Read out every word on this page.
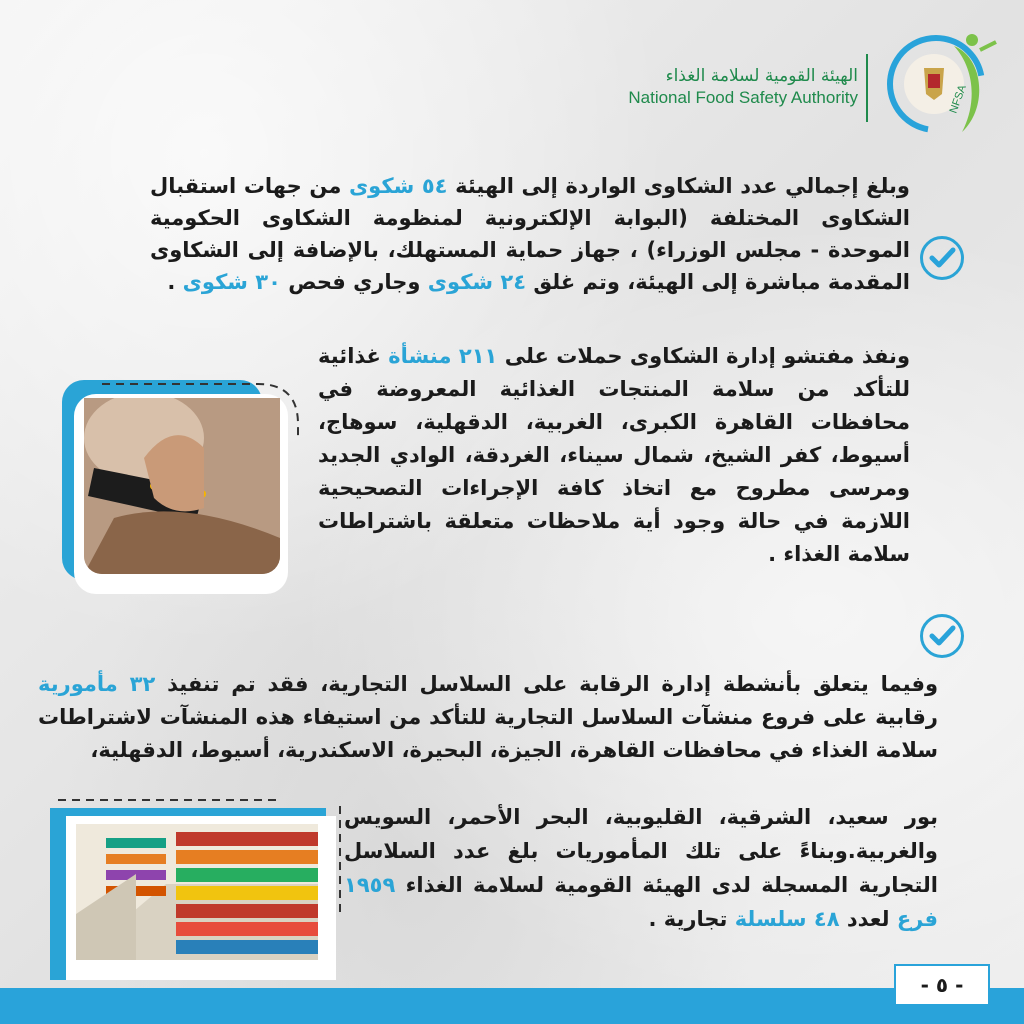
NFSA
الهيئة القومية لسلامة الغذاء
National Food Safety Authority
وبلغ إجمالي عدد الشكاوى الواردة إلى الهيئة ٥٤ شكوى من جهات استقبال الشكاوى المختلفة (البوابة الإلكترونية لمنظومة الشكاوى الحكومية الموحدة - مجلس الوزراء) ، جهاز حماية المستهلك، بالإضافة إلى الشكاوى المقدمة مباشرة إلى الهيئة، وتم غلق ٢٤ شكوى وجاري فحص ٣٠ شكوى .
ونفذ مفتشو إدارة الشكاوى حملات على ٢١١ منشأة غذائية للتأكد من سلامة المنتجات الغذائية المعروضة في محافظات القاهرة الكبرى، الغربية، الدقهلية، سوهاج، أسيوط، كفر الشيخ، شمال سيناء، الغردقة، الوادي الجديد ومرسى مطروح مع اتخاذ كافة الإجراءات التصحيحية اللازمة في حالة وجود أية ملاحظات متعلقة باشتراطات سلامة الغذاء .
وفيما يتعلق بأنشطة إدارة الرقابة على السلاسل التجارية، فقد تم تنفيذ ٣٢ مأمورية رقابية على فروع منشآت السلاسل التجارية للتأكد من استيفاء هذه المنشآت لاشتراطات سلامة الغذاء في محافظات القاهرة، الجيزة، البحيرة، الاسكندرية، أسيوط، الدقهلية،
بور سعيد، الشرقية، القليوبية، البحر الأحمر، السويس والغربية.وبناءً على تلك المأموريات بلغ عدد السلاسل التجارية المسجلة لدى الهيئة القومية لسلامة الغذاء ١٩٥٩ فرع لعدد ٤٨ سلسلة تجارية .
- ٥ -
